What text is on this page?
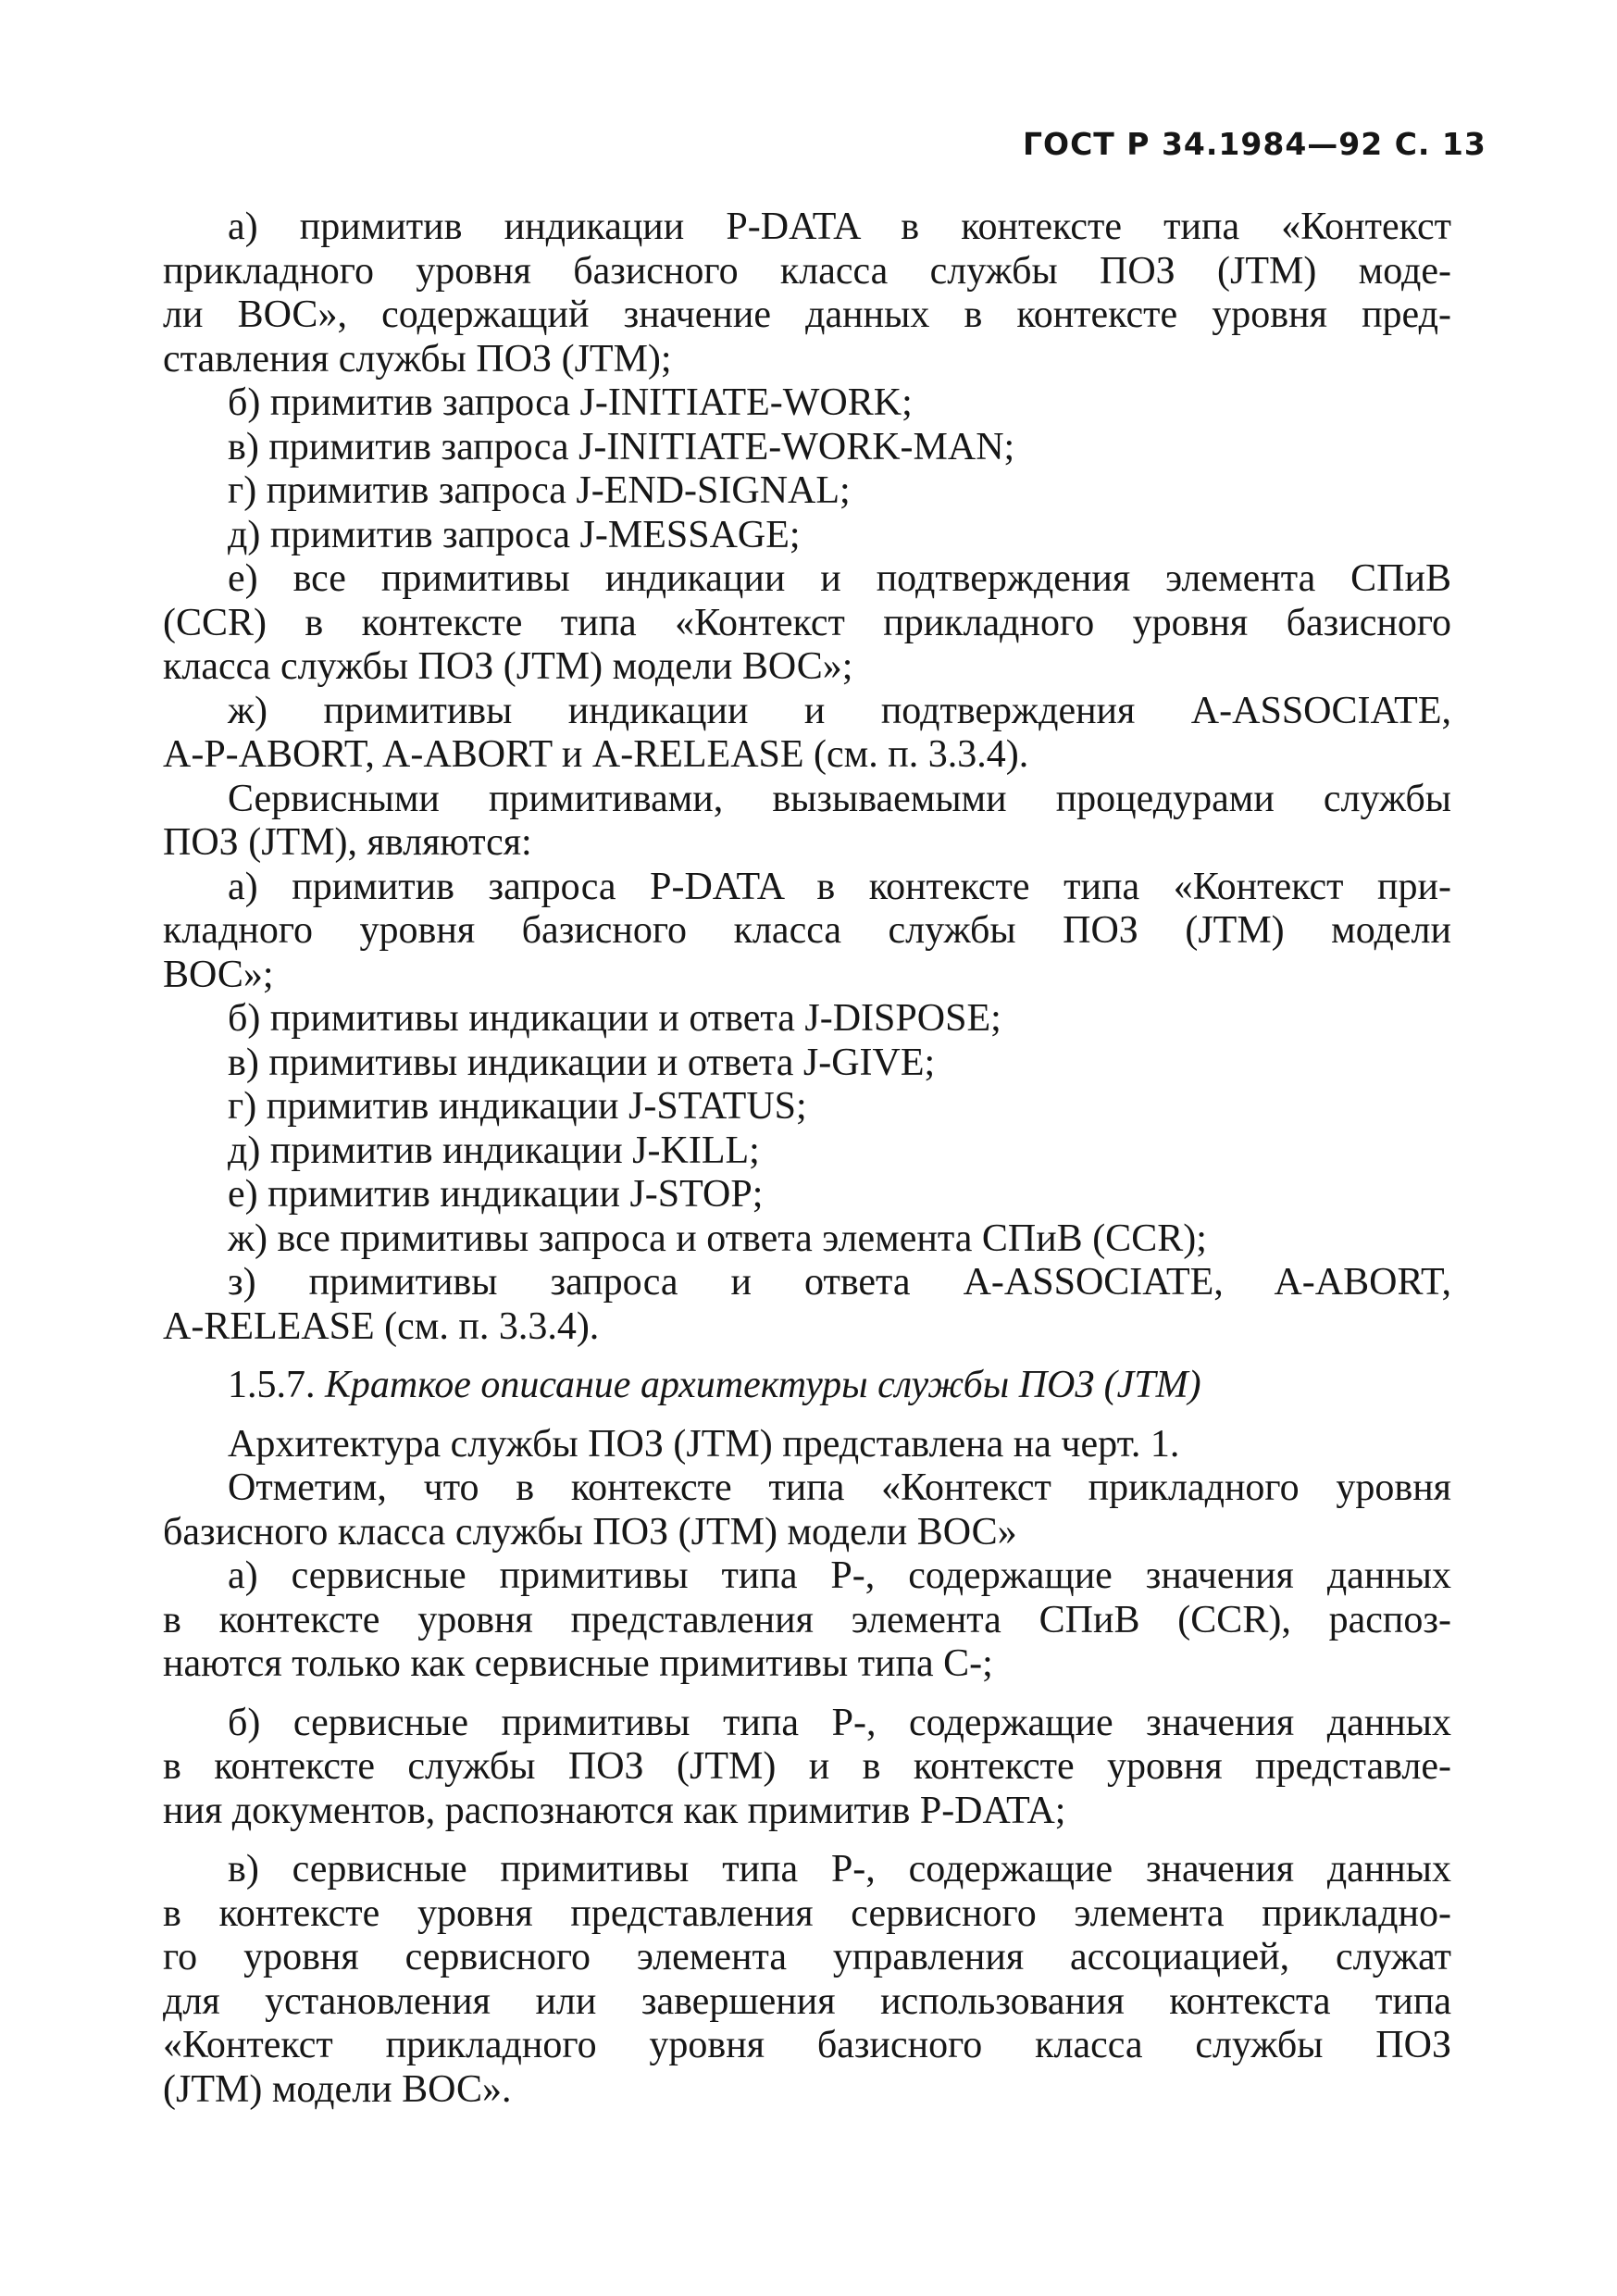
ГОСТ Р 34.1984—92 С. 13
а) примитив индикации P-DATA в контексте типа «Контекст
прикладного уровня базисного класса службы ПОЗ (JTM) моде-
ли ВОС», содержащий значение данных в контексте уровня пред-
ставления службы ПОЗ (JTM);
б) примитив запроса J-INITIATE-WORK;
в) примитив запроса J-INITIATE-WORK-MAN;
г) примитив запроса J-END-SIGNAL;
д) примитив запроса J-MESSAGE;
е) все примитивы индикации и подтверждения элемента СПиВ
(CCR) в контексте типа «Контекст прикладного уровня базисного
класса службы ПОЗ (JTM) модели ВОС»;
ж) примитивы индикации и подтверждения A-ASSOCIATE,
A-P-ABORT, A-ABORT и A-RELEASE (см. п. 3.3.4).
Сервисными примитивами, вызываемыми процедурами службы
ПОЗ (JTM), являются:
а) примитив запроса P-DATA в контексте типа «Контекст при-
кладного уровня базисного класса службы ПОЗ (JTM) модели
ВОС»;
б) примитивы индикации и ответа J-DISPOSE;
в) примитивы индикации и ответа J-GIVE;
г) примитив индикации J-STATUS;
д) примитив индикации J-KILL;
е) примитив индикации J-STOP;
ж) все примитивы запроса и ответа элемента СПиВ (CCR);
з) примитивы запроса и ответа A-ASSOCIATE, A-ABORT,
A-RELEASE (см. п. 3.3.4).
1.5.7. Краткое описание архитектуры службы ПОЗ (JTM)
Архитектура службы ПОЗ (JTM) представлена на черт. 1.
Отметим, что в контексте типа «Контекст прикладного уровня
базисного класса службы ПОЗ (JTM) модели ВОС»
а) сервисные примитивы типа Р-, содержащие значения данных
в контексте уровня представления элемента СПиВ (CCR), распоз-
наются только как сервисные примитивы типа С-;
б) сервисные примитивы типа Р-, содержащие значения данных
в контексте службы ПОЗ (JTM) и в контексте уровня представле-
ния документов, распознаются как примитив P-DATA;
в) сервисные примитивы типа Р-, содержащие значения данных
в контексте уровня представления сервисного элемента прикладно-
го уровня сервисного элемента управления ассоциацией, служат
для установления или завершения использования контекста типа
«Контекст прикладного уровня базисного класса службы ПОЗ
(JTM) модели ВОС».
